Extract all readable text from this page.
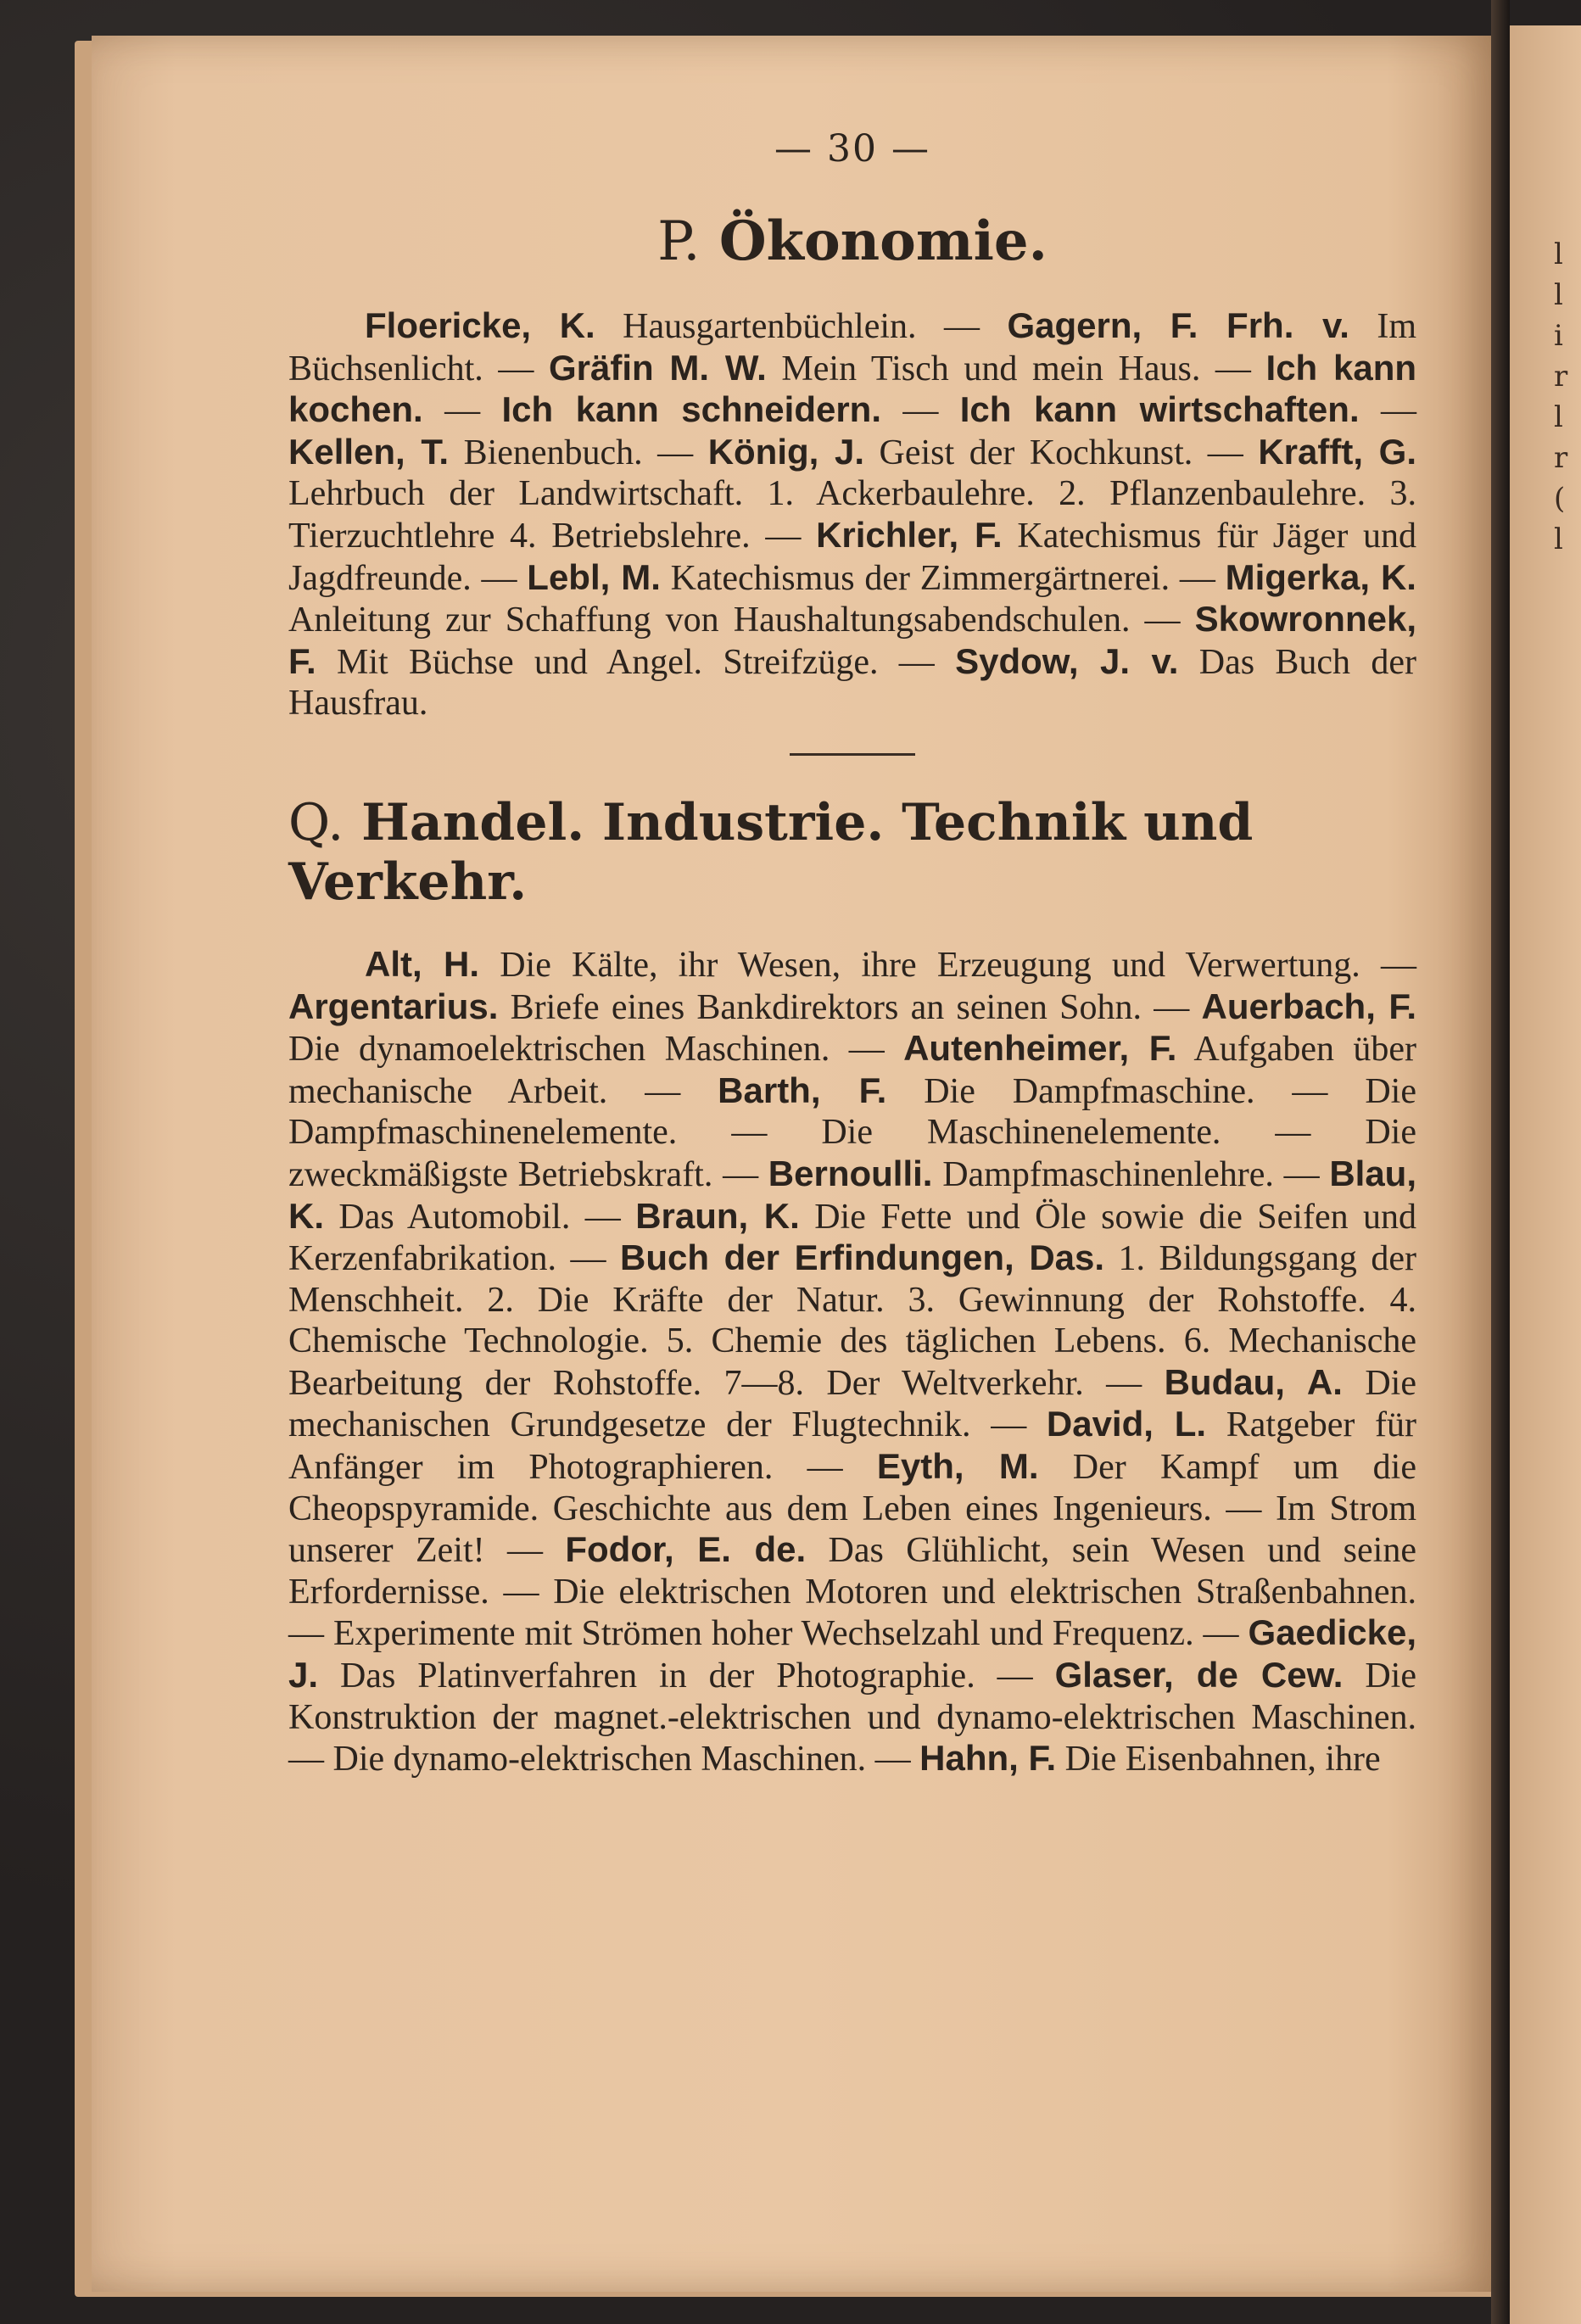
l
l
i
r
l
r
(
l
— 30 —
P. Ökonomie.

Floericke, K. Hausgartenbüchlein. — Gagern, F. Frh. v. Im Büchsenlicht. — Gräfin M. W. Mein Tisch und mein Haus. — Ich kann kochen. — Ich kann schneidern. — Ich kann wirtschaften. — Kellen, T. Bienenbuch. — König, J. Geist der Kochkunst. — Krafft, G. Lehrbuch der Landwirtschaft. 1. Ackerbaulehre. 2. Pflanzenbaulehre. 3. Tierzuchtlehre 4. Betriebslehre. — Krichler, F. Katechismus für Jäger und Jagdfreunde. — Lebl, M. Katechismus der Zimmergärtnerei. — Migerka, K. Anleitung zur Schaffung von Haushaltungsabendschulen. — Skowronnek, F. Mit Büchse und Angel. Streifzüge. — Sydow, J. v. Das Buch der Hausfrau.

Q. Handel. Industrie. Technik und Verkehr.

Alt, H. Die Kälte, ihr Wesen, ihre Erzeugung und Verwertung. — Argentarius. Briefe eines Bankdirektors an seinen Sohn. — Auerbach, F. Die dynamoelektrischen Maschinen. — Autenheimer, F. Aufgaben über mechanische Arbeit. — Barth, F. Die Dampfmaschine. — Die Dampfmaschinenelemente. — Die Maschinenelemente. — Die zweckmäßigste Betriebskraft. — Bernoulli. Dampfmaschinenlehre. — Blau, K. Das Automobil. — Braun, K. Die Fette und Öle sowie die Seifen und Kerzenfabrikation. — Buch der Erfindungen, Das. 1. Bildungsgang der Menschheit. 2. Die Kräfte der Natur. 3. Gewinnung der Rohstoffe. 4. Chemische Technologie. 5. Chemie des täglichen Lebens. 6. Mechanische Bearbeitung der Rohstoffe. 7—8. Der Weltverkehr. — Budau, A. Die mechanischen Grundgesetze der Flugtechnik. — David, L. Ratgeber für Anfänger im Photographieren. — Eyth, M. Der Kampf um die Cheopspyramide. Geschichte aus dem Leben eines Ingenieurs. — Im Strom unserer Zeit! — Fodor, E. de. Das Glühlicht, sein Wesen und seine Erfordernisse. — Die elektrischen Motoren und elektrischen Straßenbahnen. — Experimente mit Strömen hoher Wechselzahl und Frequenz. — Gaedicke, J. Das Platinverfahren in der Photographie. — Glaser, de Cew. Die Konstruktion der magnet.-elektrischen und dynamo-elektrischen Maschinen. — Die dynamo-elektrischen Maschinen. — Hahn, F. Die Eisenbahnen, ihre
